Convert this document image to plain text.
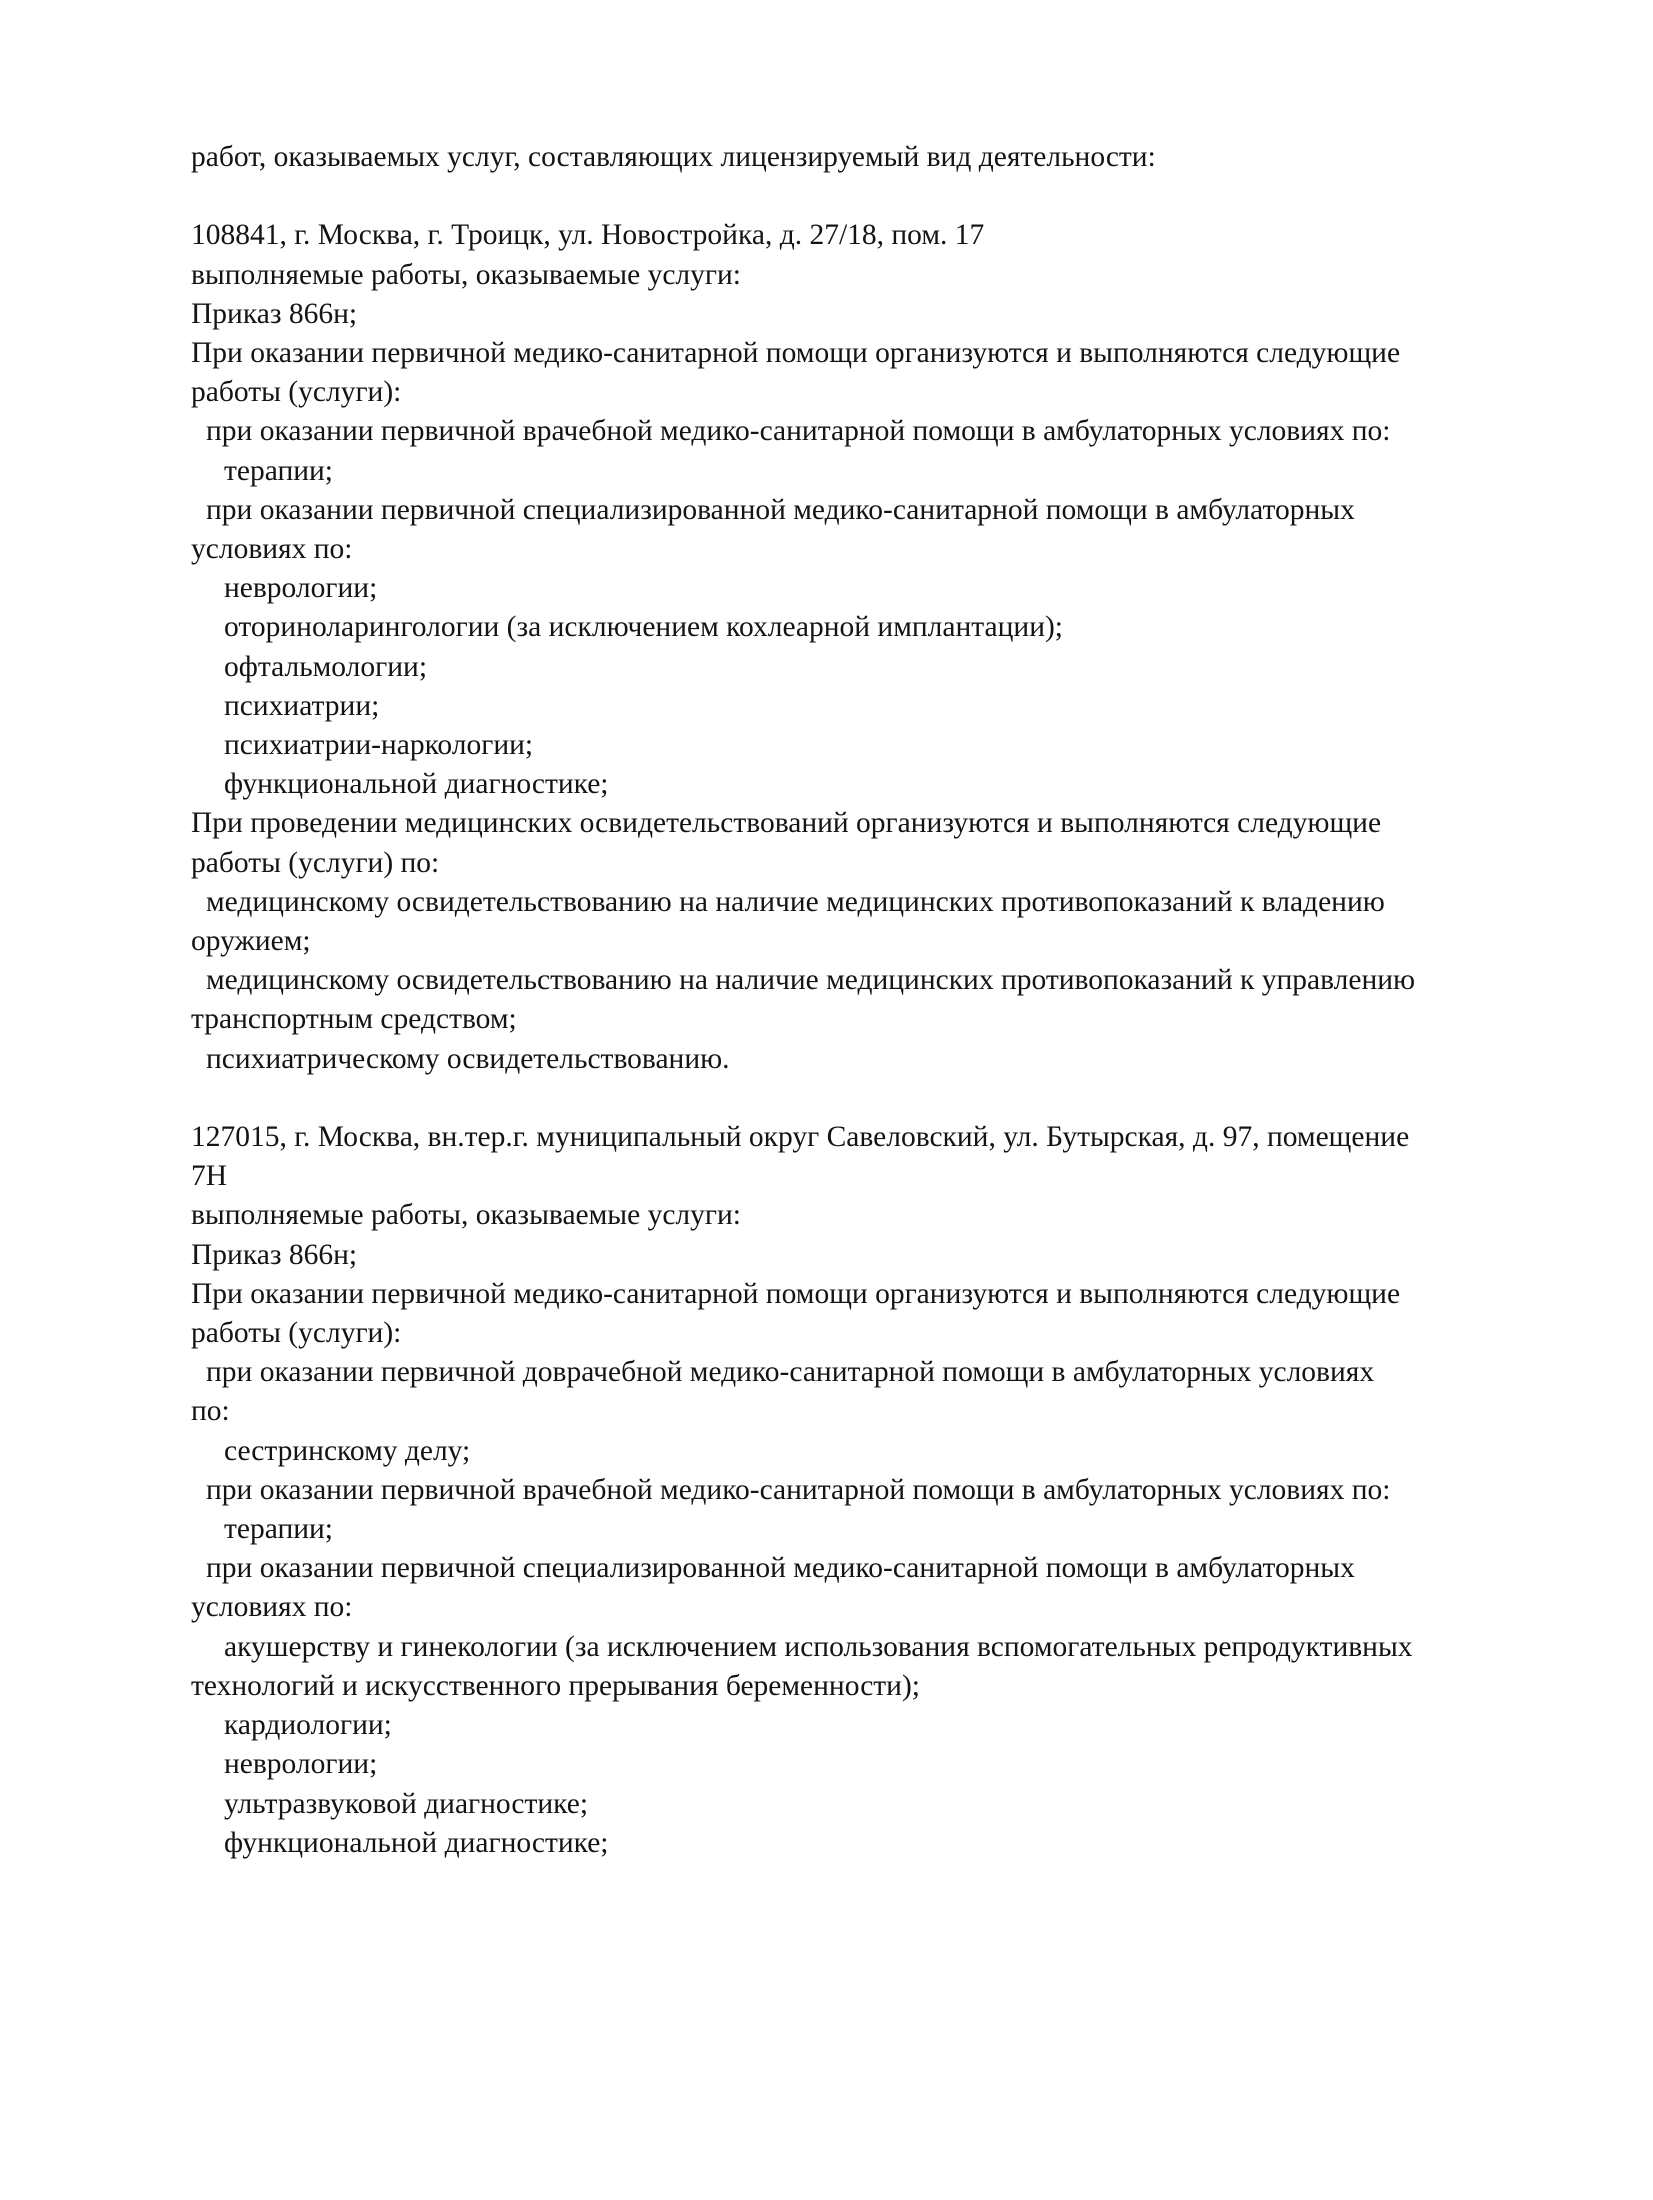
работ, оказываемых услуг, составляющих лицензируемый вид деятельности:
108841, г. Москва, г. Троицк, ул. Новостройка, д. 27/18, пом. 17
выполняемые работы, оказываемые услуги:
Приказ 866н;
При оказании первичной медико-санитарной помощи организуются и выполняются следующие
работы (услуги):
при оказании первичной врачебной медико-санитарной помощи в амбулаторных условиях по:
терапии;
при оказании первичной специализированной медико-санитарной помощи в амбулаторных
условиях по:
неврологии;
оториноларингологии (за исключением кохлеарной имплантации);
офтальмологии;
психиатрии;
психиатрии-наркологии;
функциональной диагностике;
При проведении медицинских освидетельствований организуются и выполняются следующие
работы (услуги) по:
медицинскому освидетельствованию на наличие медицинских противопоказаний к владению
оружием;
медицинскому освидетельствованию на наличие медицинских противопоказаний к управлению
транспортным средством;
психиатрическому освидетельствованию.
127015, г. Москва, вн.тер.г. муниципальный округ Савеловский, ул. Бутырская, д. 97, помещение
7Н
выполняемые работы, оказываемые услуги:
Приказ 866н;
При оказании первичной медико-санитарной помощи организуются и выполняются следующие
работы (услуги):
при оказании первичной доврачебной медико-санитарной помощи в амбулаторных условиях
по:
сестринскому делу;
при оказании первичной врачебной медико-санитарной помощи в амбулаторных условиях по:
терапии;
при оказании первичной специализированной медико-санитарной помощи в амбулаторных
условиях по:
акушерству и гинекологии (за исключением использования вспомогательных репродуктивных
технологий и искусственного прерывания беременности);
кардиологии;
неврологии;
ультразвуковой диагностике;
функциональной диагностике;
